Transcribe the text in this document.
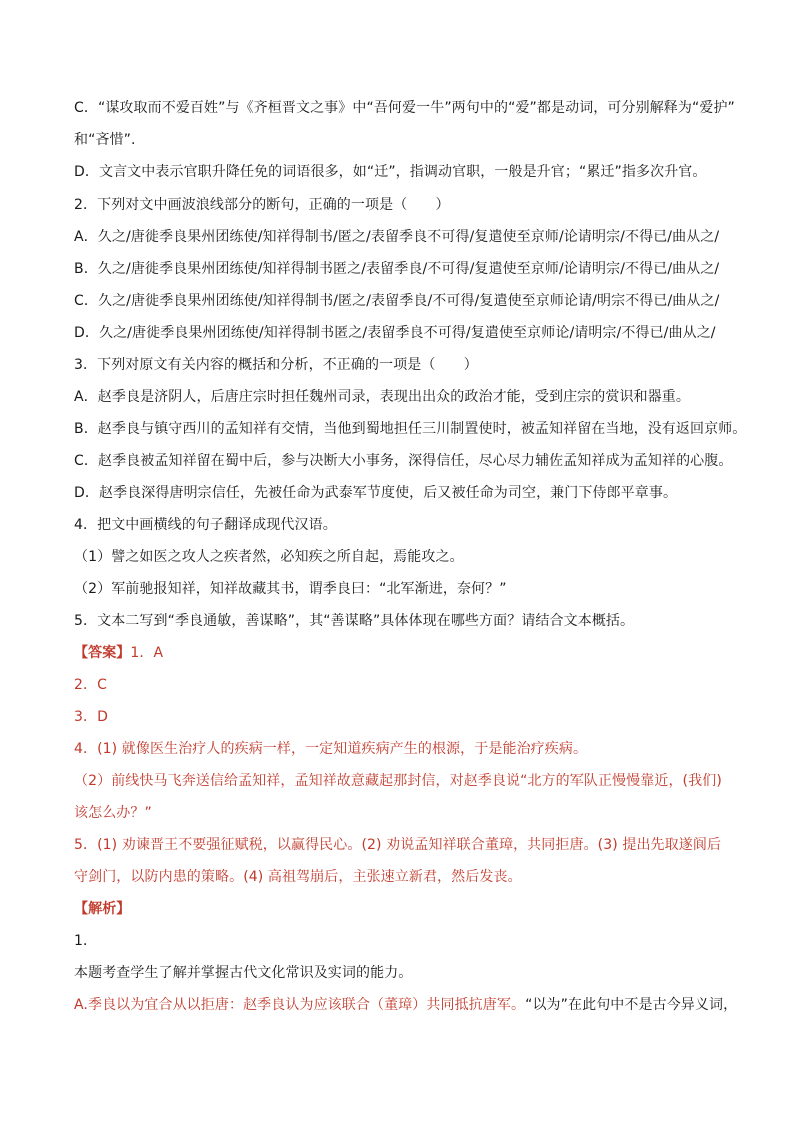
C．“谋攻取而不爱百姓”与《齐桓晋文之事》中“吾何爱一牛”两句中的“爱”都是动词，可分别解释为“爱护”
和“吝惜”.
D．文言文中表示官职升降任免的词语很多，如“迁”，指调动官职，一般是升官；“累迁”指多次升官。
2．下列对文中画波浪线部分的断句，正确的一项是（　　）
A．久之/唐徙季良果州团练使/知祥得制书/匿之/表留季良不可得/复遣使至京师/论请明宗/不得已/曲从之/
B．久之/唐徙季良果州团练使/知祥得制书匿之/表留季良/不可得/复遣使至京师/论请明宗/不得已/曲从之/
C．久之/唐徙季良果州团练使/知祥得制书/匿之/表留季良/不可得/复遣使至京师论请/明宗不得已/曲从之/
D．久之/唐徙季良果州团练使/知祥得制书匿之/表留季良不可得/复遣使至京师论/请明宗/不得已/曲从之/
3．下列对原文有关内容的概括和分析，不正确的一项是（　　）
A．赵季良是济阴人，后唐庄宗时担任魏州司录，表现出出众的政治才能，受到庄宗的赏识和器重。
B．赵季良与镇守西川的孟知祥有交情，当他到蜀地担任三川制置使时，被孟知祥留在当地，没有返回京师。
C．赵季良被孟知祥留在蜀中后，参与决断大小事务，深得信任，尽心尽力辅佐孟知祥成为孟知祥的心腹。
D．赵季良深得唐明宗信任，先被任命为武泰军节度使，后又被任命为司空，兼门下侍郎平章事。
4．把文中画横线的句子翻译成现代汉语。
（1）譬之如医之攻人之疾者然，必知疾之所自起，焉能攻之。
（2）军前驰报知祥，知祥故藏其书，谓季良曰：“北军渐进，奈何？”
5．文本二写到“季良通敏，善谋略”，其“善谋略”具体体现在哪些方面？请结合文本概括。
【答案】1．A
2．C
3．D
4．(1) 就像医生治疗人的疾病一样，一定知道疾病产生的根源，于是能治疗疾病。
（2）前线快马飞奔送信给孟知祥，孟知祥故意藏起那封信，对赵季良说“北方的军队正慢慢靠近，(我们)
该怎么办？”
5．(1) 劝谏晋王不要强征赋税，以赢得民心。(2) 劝说孟知祥联合董璋，共同拒唐。(3) 提出先取遂阆后
守剑门，以防内患的策略。(4) 高祖驾崩后，主张速立新君，然后发丧。
【解析】
1．
本题考查学生了解并掌握古代文化常识及实词的能力。
A.季良以为宜合从以拒唐：赵季良认为应该联合（董璋）共同抵抗唐军。“以为”在此句中不是古今异义词，
